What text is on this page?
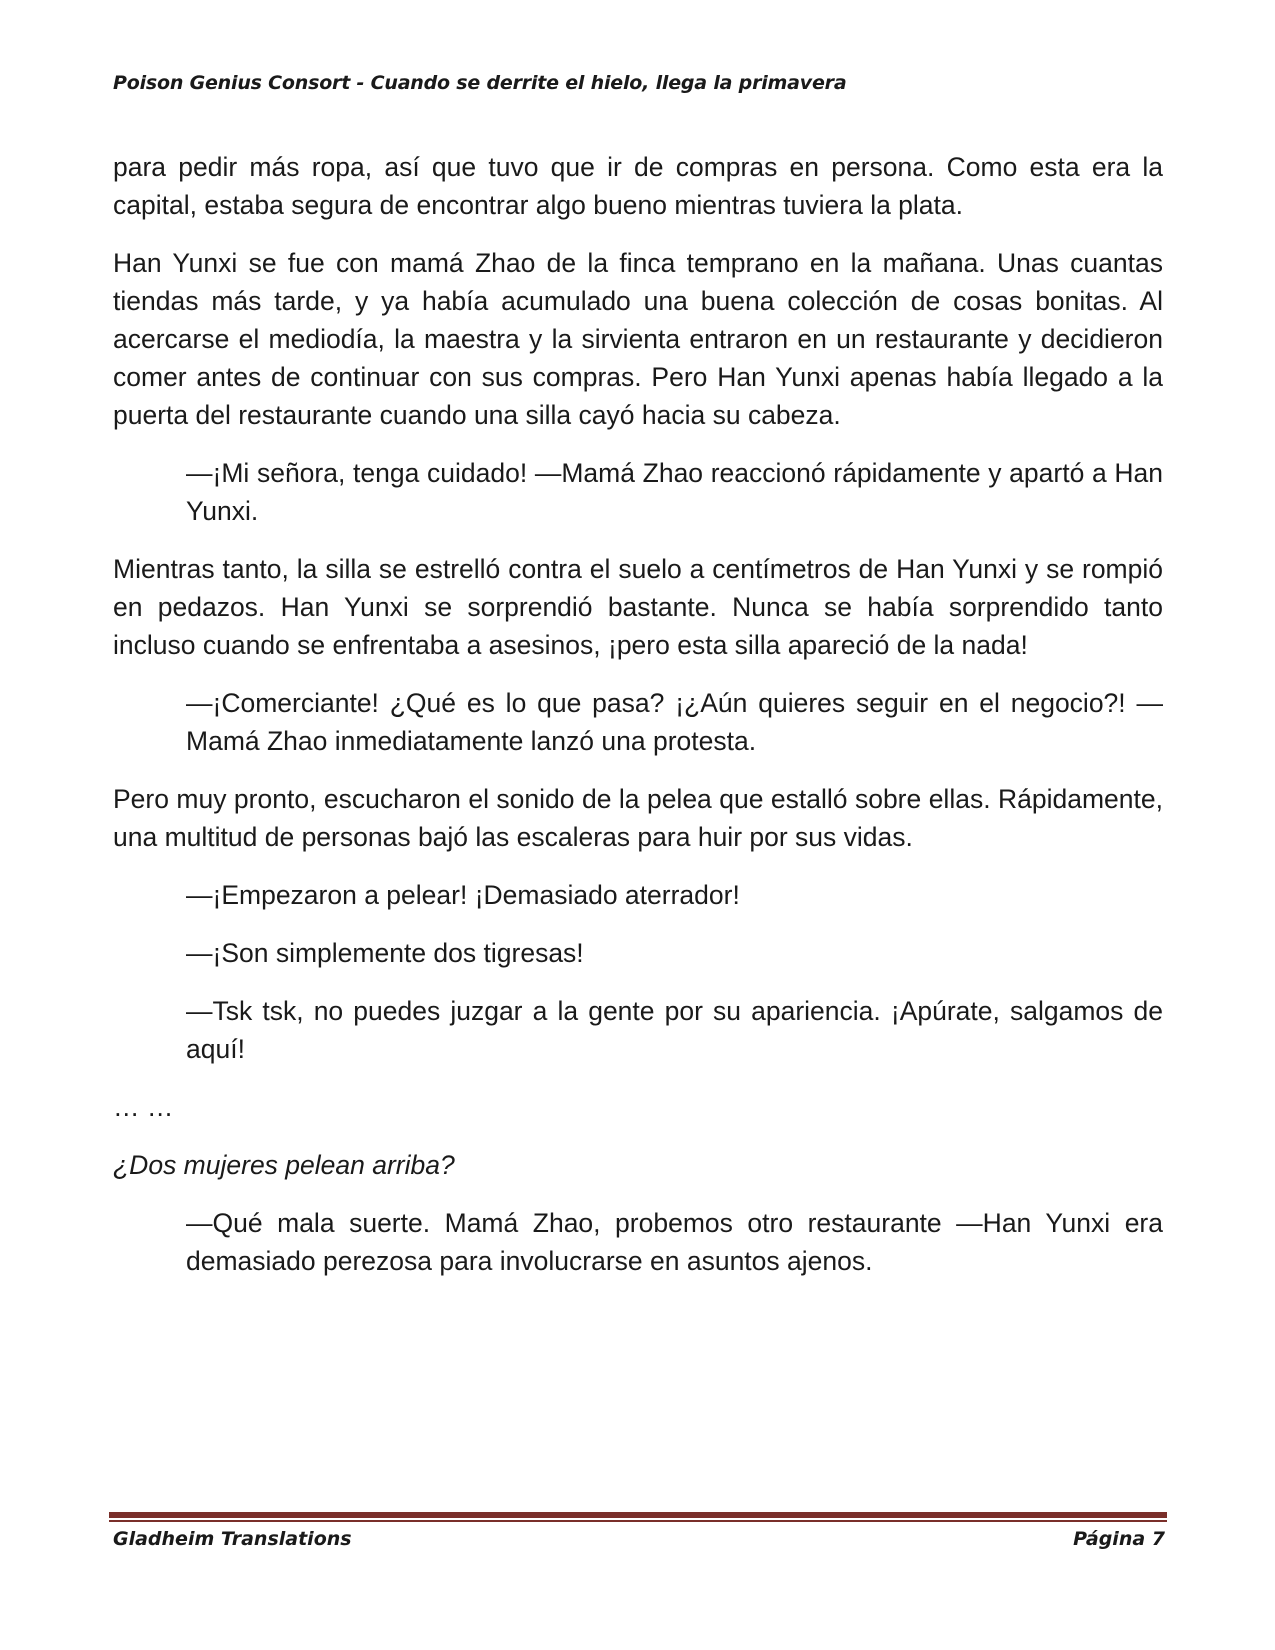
Poison Genius Consort - Cuando se derrite el hielo, llega la primavera

para pedir más ropa, así que tuvo que ir de compras en persona. Como esta era la capital, estaba segura de encontrar algo bueno mientras tuviera la plata.

Han Yunxi se fue con mamá Zhao de la finca temprano en la mañana. Unas cuantas tiendas más tarde, y ya había acumulado una buena colección de cosas bonitas. Al acercarse el mediodía, la maestra y la sirvienta entraron en un restaurante y decidieron comer antes de continuar con sus compras. Pero Han Yunxi apenas había llegado a la puerta del restaurante cuando una silla cayó hacia su cabeza.

—¡Mi señora, tenga cuidado! —Mamá Zhao reaccionó rápidamente y apartó a Han Yunxi.

Mientras tanto, la silla se estrelló contra el suelo a centímetros de Han Yunxi y se rompió en pedazos. Han Yunxi se sorprendió bastante. Nunca se había sorprendido tanto incluso cuando se enfrentaba a asesinos, ¡pero esta silla apareció de la nada!

—¡Comerciante! ¿Qué es lo que pasa? ¡¿Aún quieres seguir en el negocio?! —Mamá Zhao inmediatamente lanzó una protesta.

Pero muy pronto, escucharon el sonido de la pelea que estalló sobre ellas. Rápidamente, una multitud de personas bajó las escaleras para huir por sus vidas.

—¡Empezaron a pelear! ¡Demasiado aterrador!

—¡Son simplemente dos tigresas!

—Tsk tsk, no puedes juzgar a la gente por su apariencia. ¡Apúrate, salgamos de aquí!

… …

¿Dos mujeres pelean arriba?

—Qué mala suerte. Mamá Zhao, probemos otro restaurante —Han Yunxi era demasiado perezosa para involucrarse en asuntos ajenos.

Gladheim Translations	Página 7
